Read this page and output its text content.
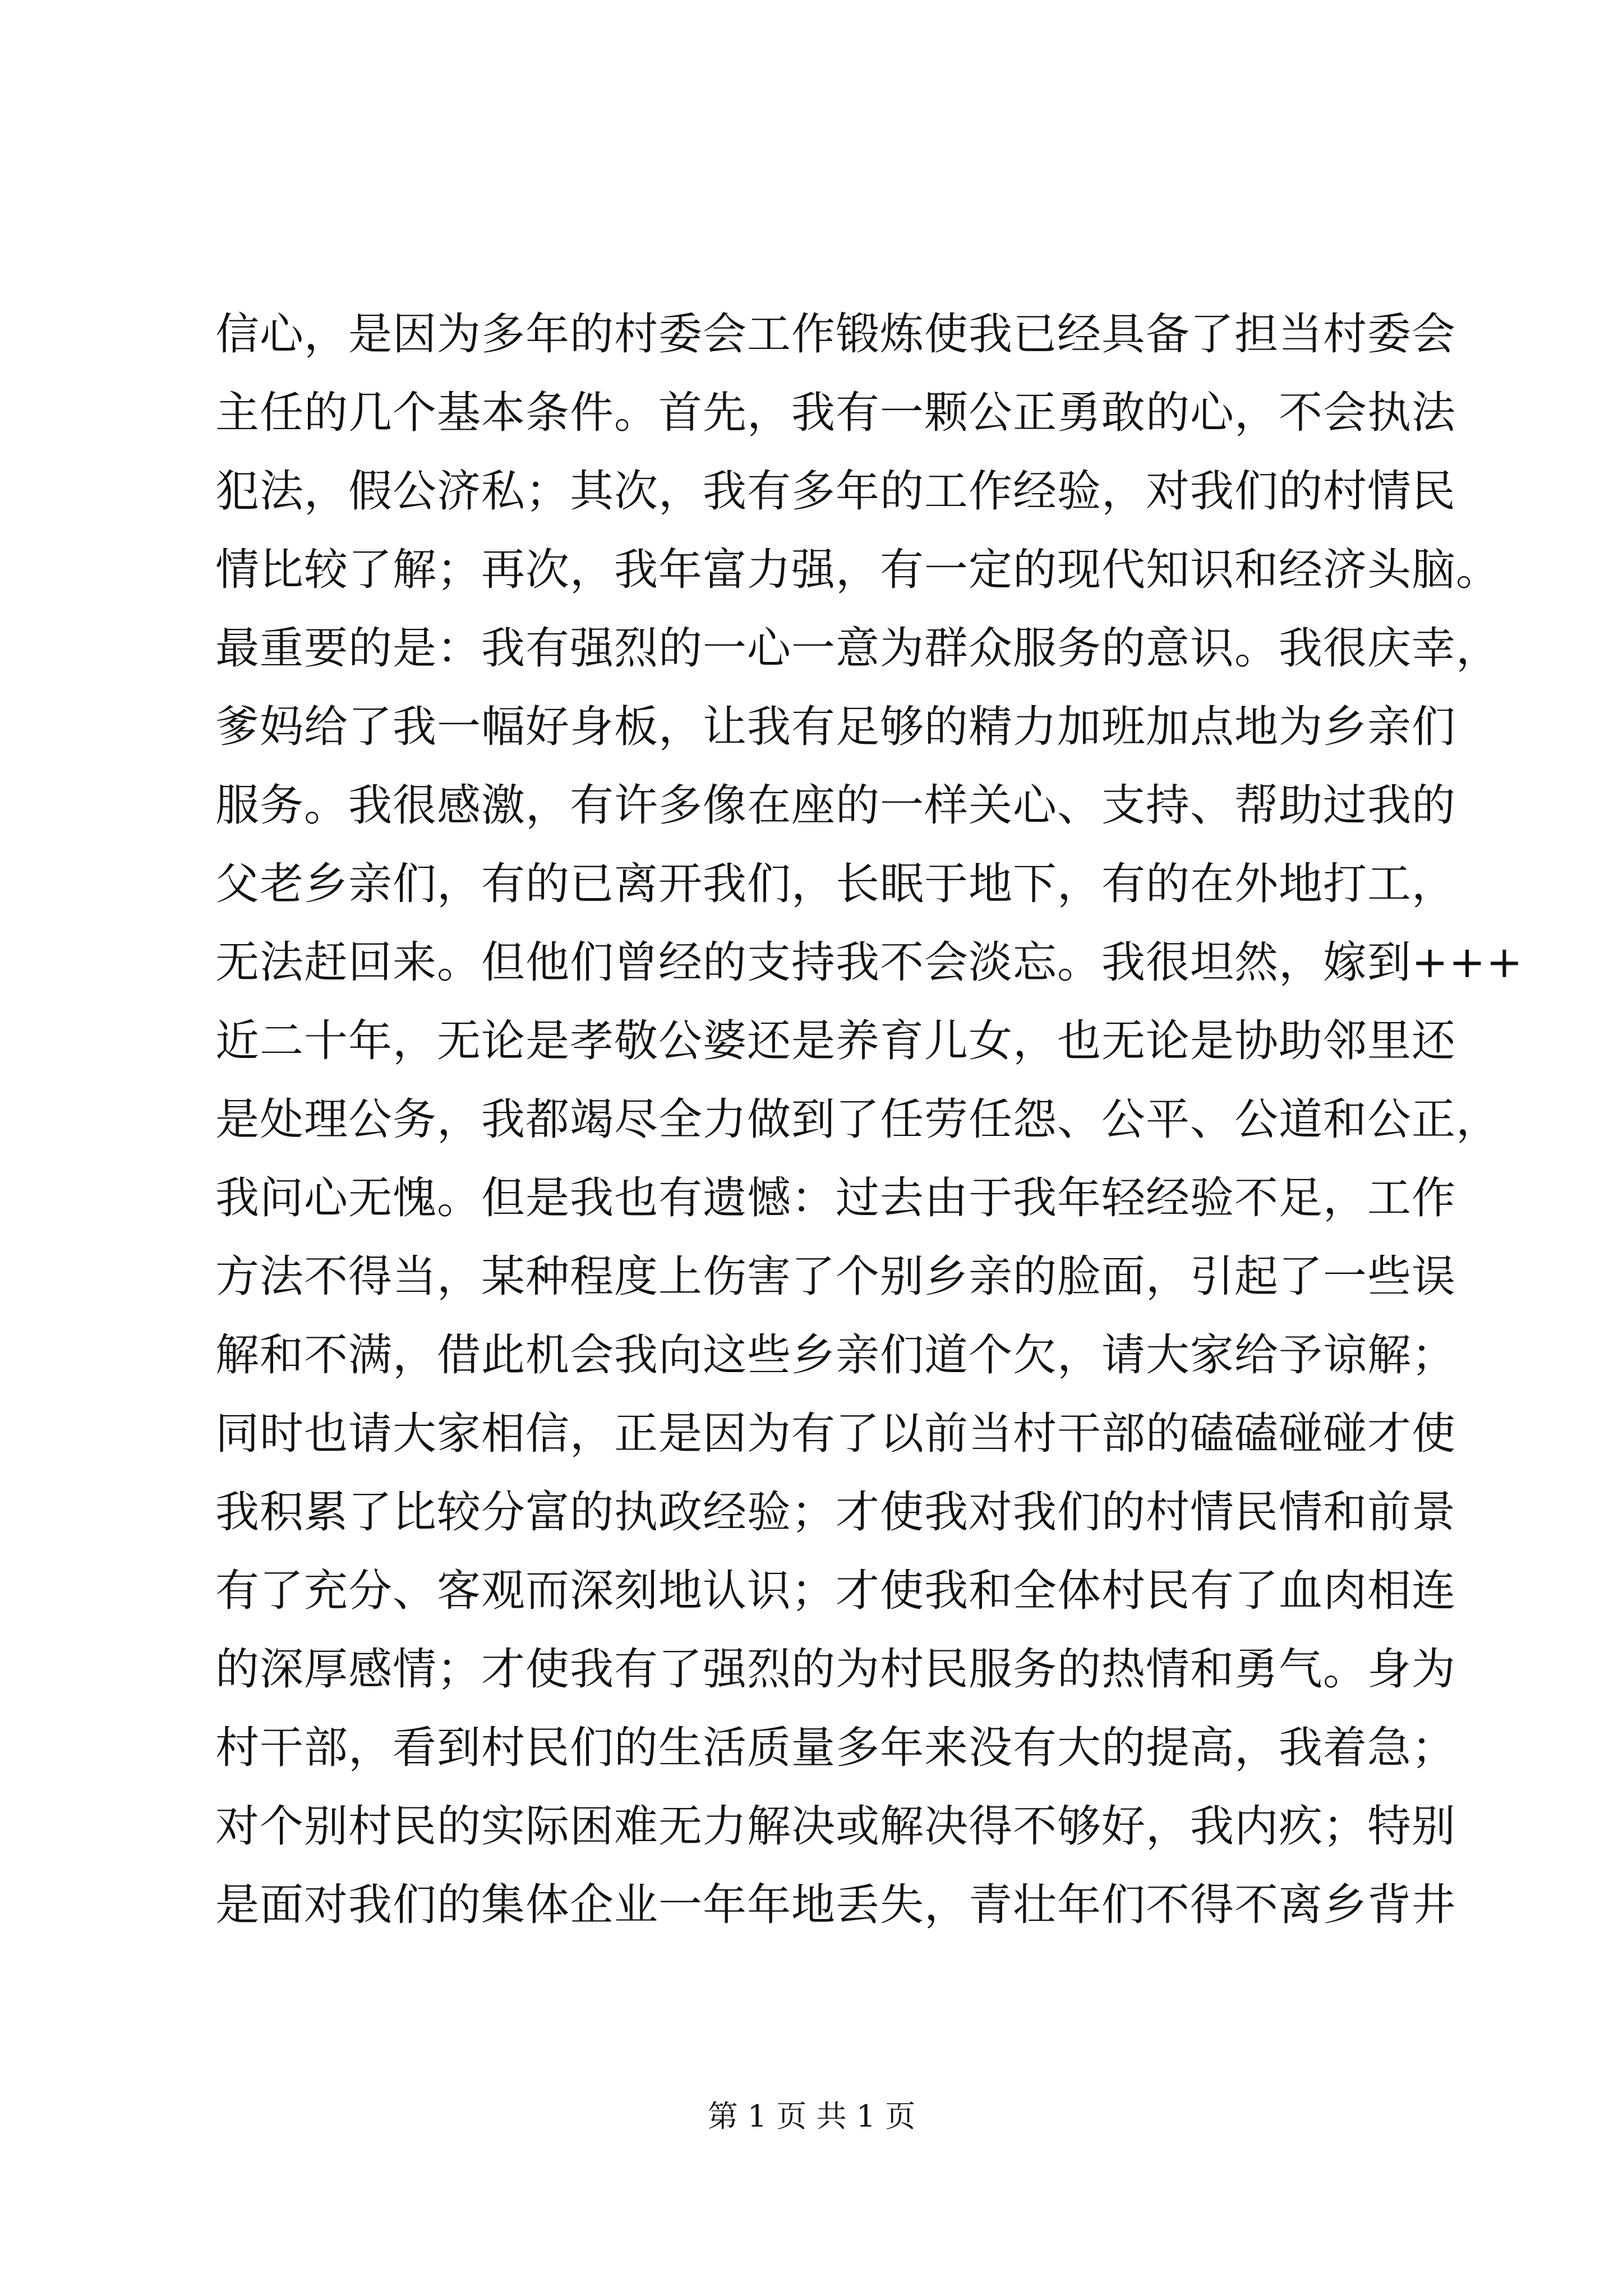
信心，是因为多年的村委会工作锻炼使我已经具备了担当村委会
主任的几个基本条件。首先，我有一颗公正勇敢的心，不会执法
犯法，假公济私；其次，我有多年的工作经验，对我们的村情民
情比较了解；再次，我年富力强，有一定的现代知识和经济头脑。
最重要的是：我有强烈的一心一意为群众服务的意识。我很庆幸，
爹妈给了我一幅好身板，让我有足够的精力加班加点地为乡亲们
服务。我很感激，有许多像在座的一样关心、支持、帮助过我的
父老乡亲们，有的已离开我们，长眠于地下，有的在外地打工，
无法赶回来。但他们曾经的支持我不会淡忘。我很坦然，嫁到+++
近二十年，无论是孝敬公婆还是养育儿女，也无论是协助邻里还
是处理公务，我都竭尽全力做到了任劳任怨、公平、公道和公正，
我问心无愧。但是我也有遗憾：过去由于我年轻经验不足，工作
方法不得当，某种程度上伤害了个别乡亲的脸面，引起了一些误
解和不满，借此机会我向这些乡亲们道个欠，请大家给予谅解；
同时也请大家相信，正是因为有了以前当村干部的磕磕碰碰才使
我积累了比较分富的执政经验；才使我对我们的村情民情和前景
有了充分、客观而深刻地认识；才使我和全体村民有了血肉相连
的深厚感情；才使我有了强烈的为村民服务的热情和勇气。身为
村干部，看到村民们的生活质量多年来没有大的提高，我着急；
对个别村民的实际困难无力解决或解决得不够好，我内疚；特别
是面对我们的集体企业一年年地丢失，青壮年们不得不离乡背井
第 1 页 共 1 页
